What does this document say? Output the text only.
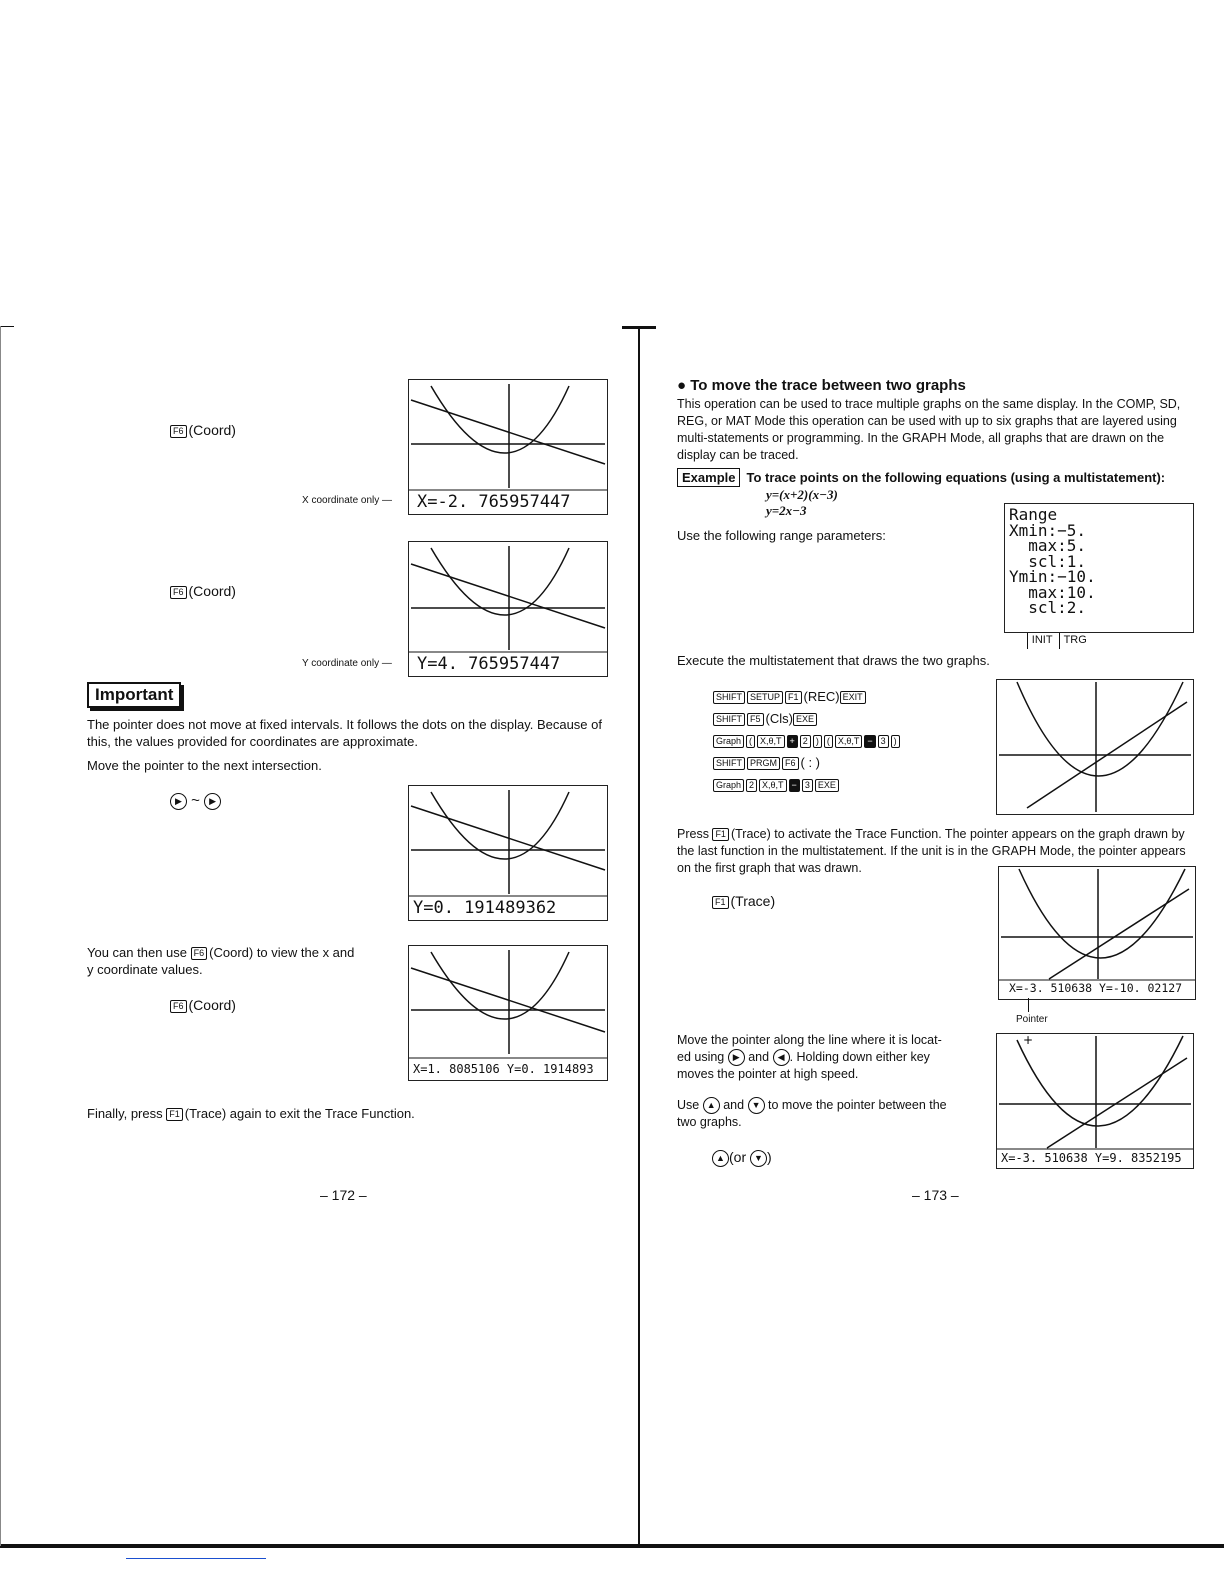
F6 (Coord)
X=-2. 765957447
X coordinate only —
F6 (Coord)
Y=4. 765957447
Y coordinate only —
Important
The pointer does not move at fixed intervals. It follows the dots on the display. Because of this, the values provided for coordinates are approximate.
Move the pointer to the next intersection.
▶ ~ ▶
Y=0. 191489362
You can then use F6 (Coord) to view the x and
y coordinate values.
F6 (Coord)
X=1. 8085106 Y=0. 1914893
Finally, press F1 (Trace) again to exit the Trace Function.
– 172 –
● To move the trace between two graphs
This operation can be used to trace multiple graphs on the same display. In the COMP, SD, REG, or MAT Mode this operation can be used with up to six graphs that are layered using multi-statements or programming. In the GRAPH Mode, all graphs that are drawn on the display can be traced.
Example To trace points on the following equations (using a multistatement):
y=(x+2)(x−3)
y=2x−3
Use the following range parameters:
Range
Xmin:−5.
max:5.
scl:1.
Ymin:−10.
max:10.
scl:2.

INIT TRG

Execute the multistatement that draws the two graphs.
SHIFT SETUP F1 (REC) EXIT
SHIFT F5 (Cls) EXE
Graph ( X,θ,T + 2 ) ( X,θ,T − 3 )
SHIFT PRGM F6 ( : )
Graph 2 X,θ,T − 3 EXE
Press F1 (Trace) to activate the Trace Function. The pointer appears on the graph drawn by the last function in the multistatement. If the unit is in the GRAPH Mode, the pointer appears on the first graph that was drawn.
F1 (Trace)
X=-3. 510638 Y=-10. 02127
Pointer
Move the pointer along the line where it is locat-
ed using ▶ and ◀ . Holding down either key
moves the pointer at high speed.
Use ▲ and ▼ to move the pointer between the
two graphs.
▲ (or ▼ )
+
X=-3. 510638 Y=9. 8352195
– 173 –
